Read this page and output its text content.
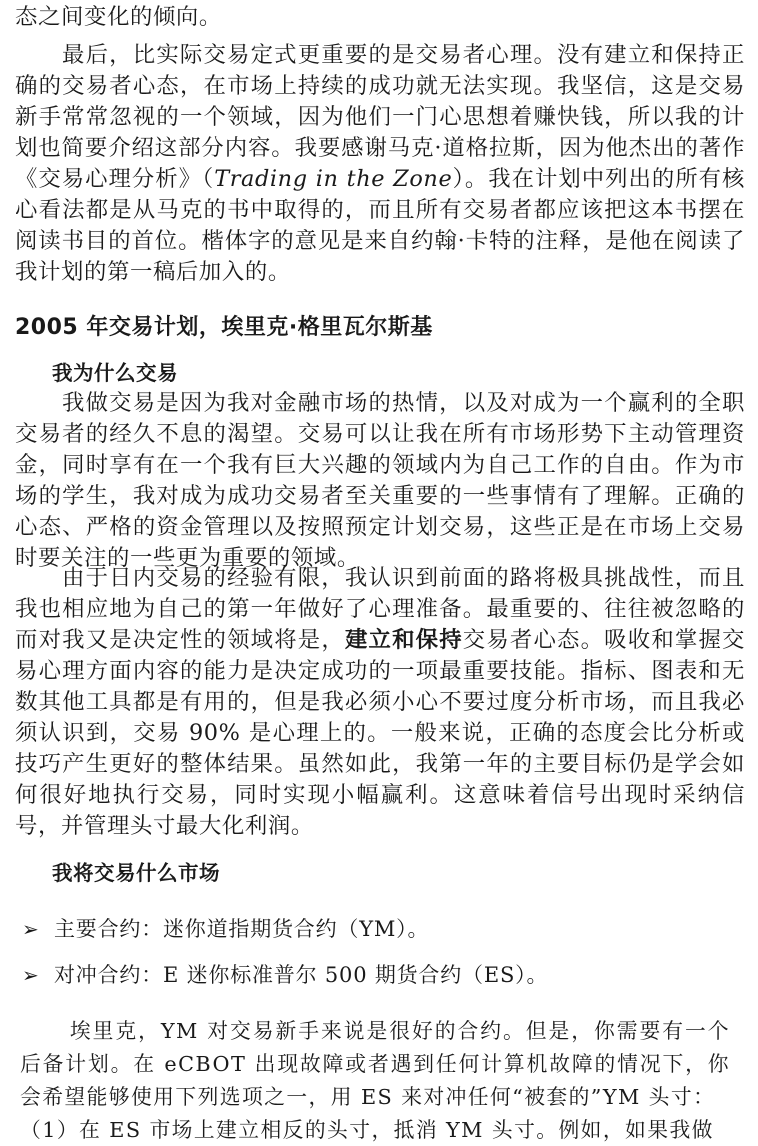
态之间变化的倾向。

最后，比实际交易定式更重要的是交易者心理。没有建立和保持正确的交易者心态，在市场上持续的成功就无法实现。我坚信，这是交易新手常常忽视的一个领域，因为他们一门心思想着赚快钱，所以我的计划也简要介绍这部分内容。我要感谢马克·道格拉斯，因为他杰出的著作《交易心理分析》（Trading in the Zone）。我在计划中列出的所有核心看法都是从马克的书中取得的，而且所有交易者都应该把这本书摆在阅读书目的首位。楷体字的意见是来自约翰·卡特的注释，是他在阅读了我计划的第一稿后加入的。

2005 年交易计划，埃里克·格里瓦尔斯基
我为什么交易

我做交易是因为我对金融市场的热情，以及对成为一个赢利的全职交易者的经久不息的渴望。交易可以让我在所有市场形势下主动管理资金，同时享有在一个我有巨大兴趣的领域内为自己工作的自由。作为市场的学生，我对成为成功交易者至关重要的一些事情有了理解。正确的心态、严格的资金管理以及按照预定计划交易，这些正是在市场上交易时要关注的一些更为重要的领域。

由于日内交易的经验有限，我认识到前面的路将极具挑战性，而且我也相应地为自己的第一年做好了心理准备。最重要的、往往被忽略的而对我又是决定性的领域将是，建立和保持交易者心态。吸收和掌握交易心理方面内容的能力是决定成功的一项最重要技能。指标、图表和无数其他工具都是有用的，但是我必须小心不要过度分析市场，而且我必须认识到，交易 90% 是心理上的。一般来说，正确的态度会比分析或技巧产生更好的整体结果。虽然如此，我第一年的主要目标仍是学会如何很好地执行交易，同时实现小幅赢利。这意味着信号出现时采纳信号，并管理头寸最大化利润。

我将交易什么市场
➢ 主要合约：迷你道指期货合约（YM）。
➢ 对冲合约：E 迷你标准普尔 500 期货合约（ES）。

埃里克，YM 对交易新手来说是很好的合约。但是，你需要有一个后备计划。在 eCBOT 出现故障或者遇到任何计算机故障的情况下，你会希望能够使用下列选项之一，用 ES 来对冲任何“被套的”YM 头寸：

（1）在 ES 市场上建立相反的头寸，抵消 YM 头寸。例如，如果我做
